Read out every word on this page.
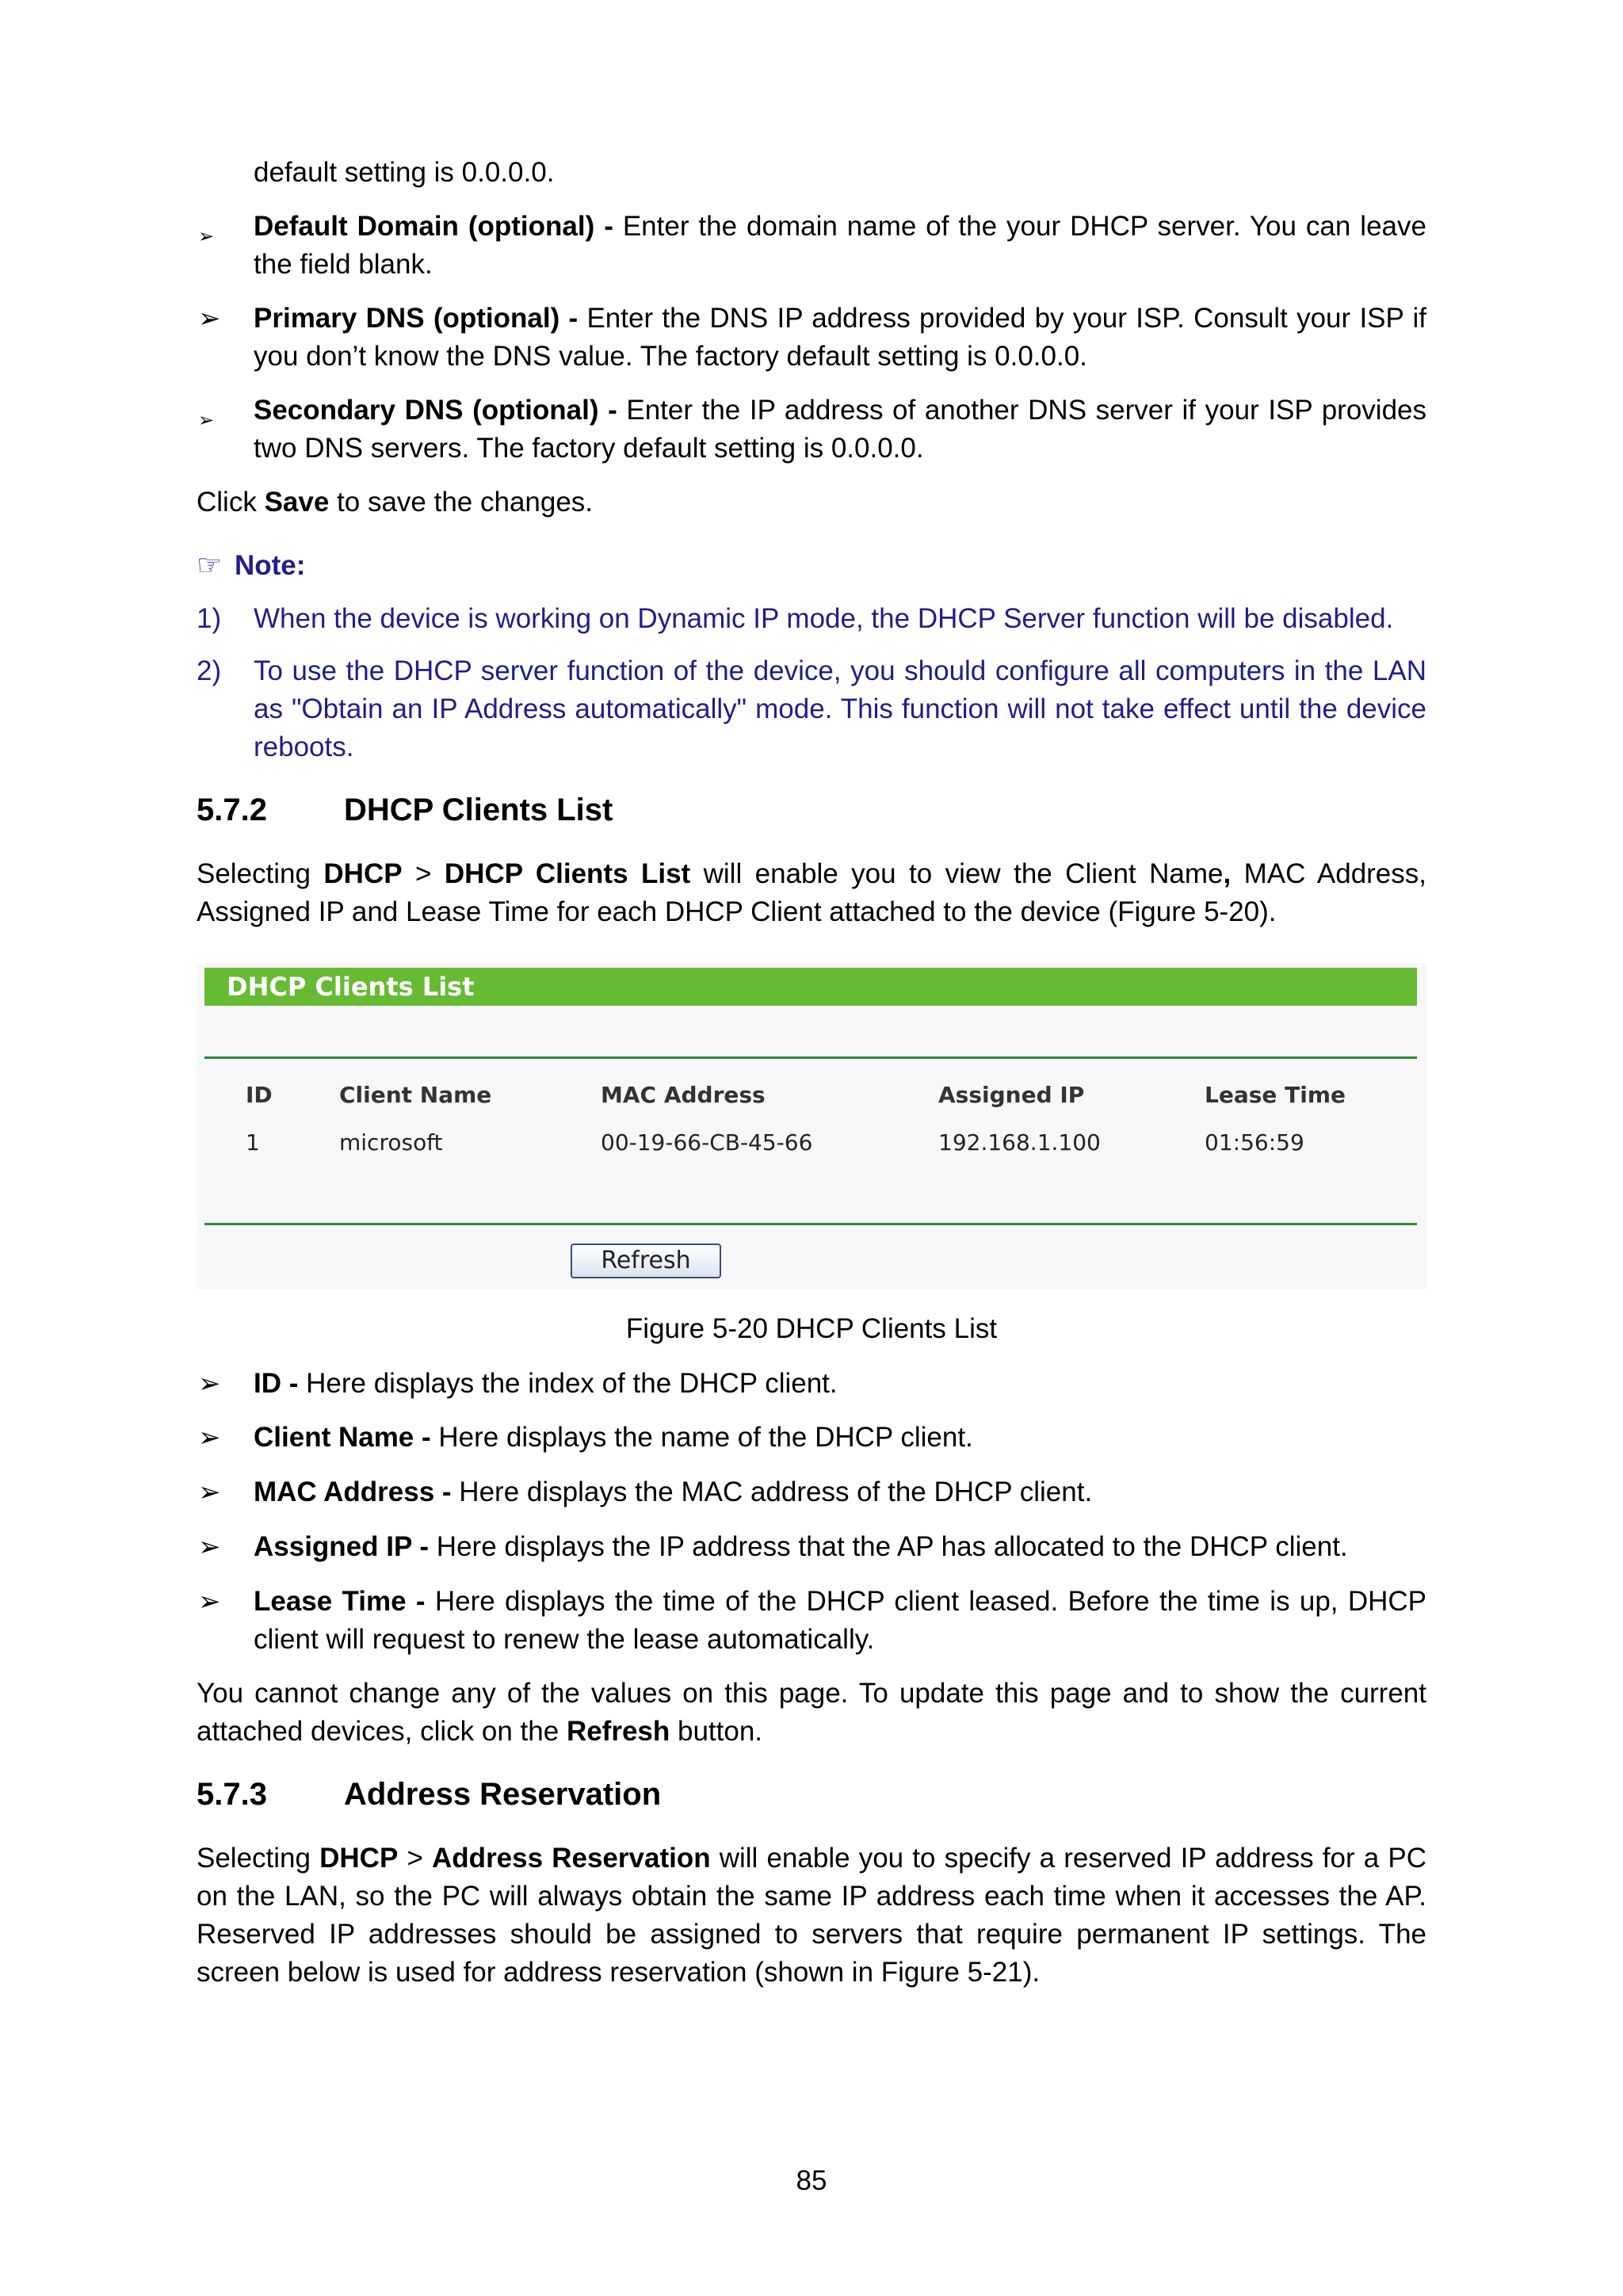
default setting is 0.0.0.0.

➢ Default Domain (optional) - Enter the domain name of the your DHCP server. You can leave the field blank.

➢ Primary DNS (optional) - Enter the DNS IP address provided by your ISP. Consult your ISP if you don’t know the DNS value. The factory default setting is 0.0.0.0.

➢ Secondary DNS (optional) - Enter the IP address of another DNS server if your ISP provides two DNS servers. The factory default setting is 0.0.0.0.

Click Save to save the changes.

☞ Note:

1) When the device is working on Dynamic IP mode, the DHCP Server function will be disabled.

2) To use the DHCP server function of the device, you should configure all computers in the LAN as "Obtain an IP Address automatically" mode. This function will not take effect until the device reboots.

5.7.2 DHCP Clients List

Selecting DHCP > DHCP Clients List will enable you to view the Client Name, MAC Address, Assigned IP and Lease Time for each DHCP Client attached to the device (Figure 5-20).

DHCP Clients List
ID	Client Name	MAC Address	Assigned IP	Lease Time
1	microsoft	00-19-66-CB-45-66	192.168.1.100	01:56:59
Refresh

Figure 5-20 DHCP Clients List

➢ ID - Here displays the index of the DHCP client.

➢ Client Name - Here displays the name of the DHCP client.

➢ MAC Address - Here displays the MAC address of the DHCP client.

➢ Assigned IP - Here displays the IP address that the AP has allocated to the DHCP client.

➢ Lease Time - Here displays the time of the DHCP client leased. Before the time is up, DHCP client will request to renew the lease automatically.

You cannot change any of the values on this page. To update this page and to show the current attached devices, click on the Refresh button.

5.7.3 Address Reservation

Selecting DHCP > Address Reservation will enable you to specify a reserved IP address for a PC on the LAN, so the PC will always obtain the same IP address each time when it accesses the AP. Reserved IP addresses should be assigned to servers that require permanent IP settings. The screen below is used for address reservation (shown in Figure 5-21).

85
